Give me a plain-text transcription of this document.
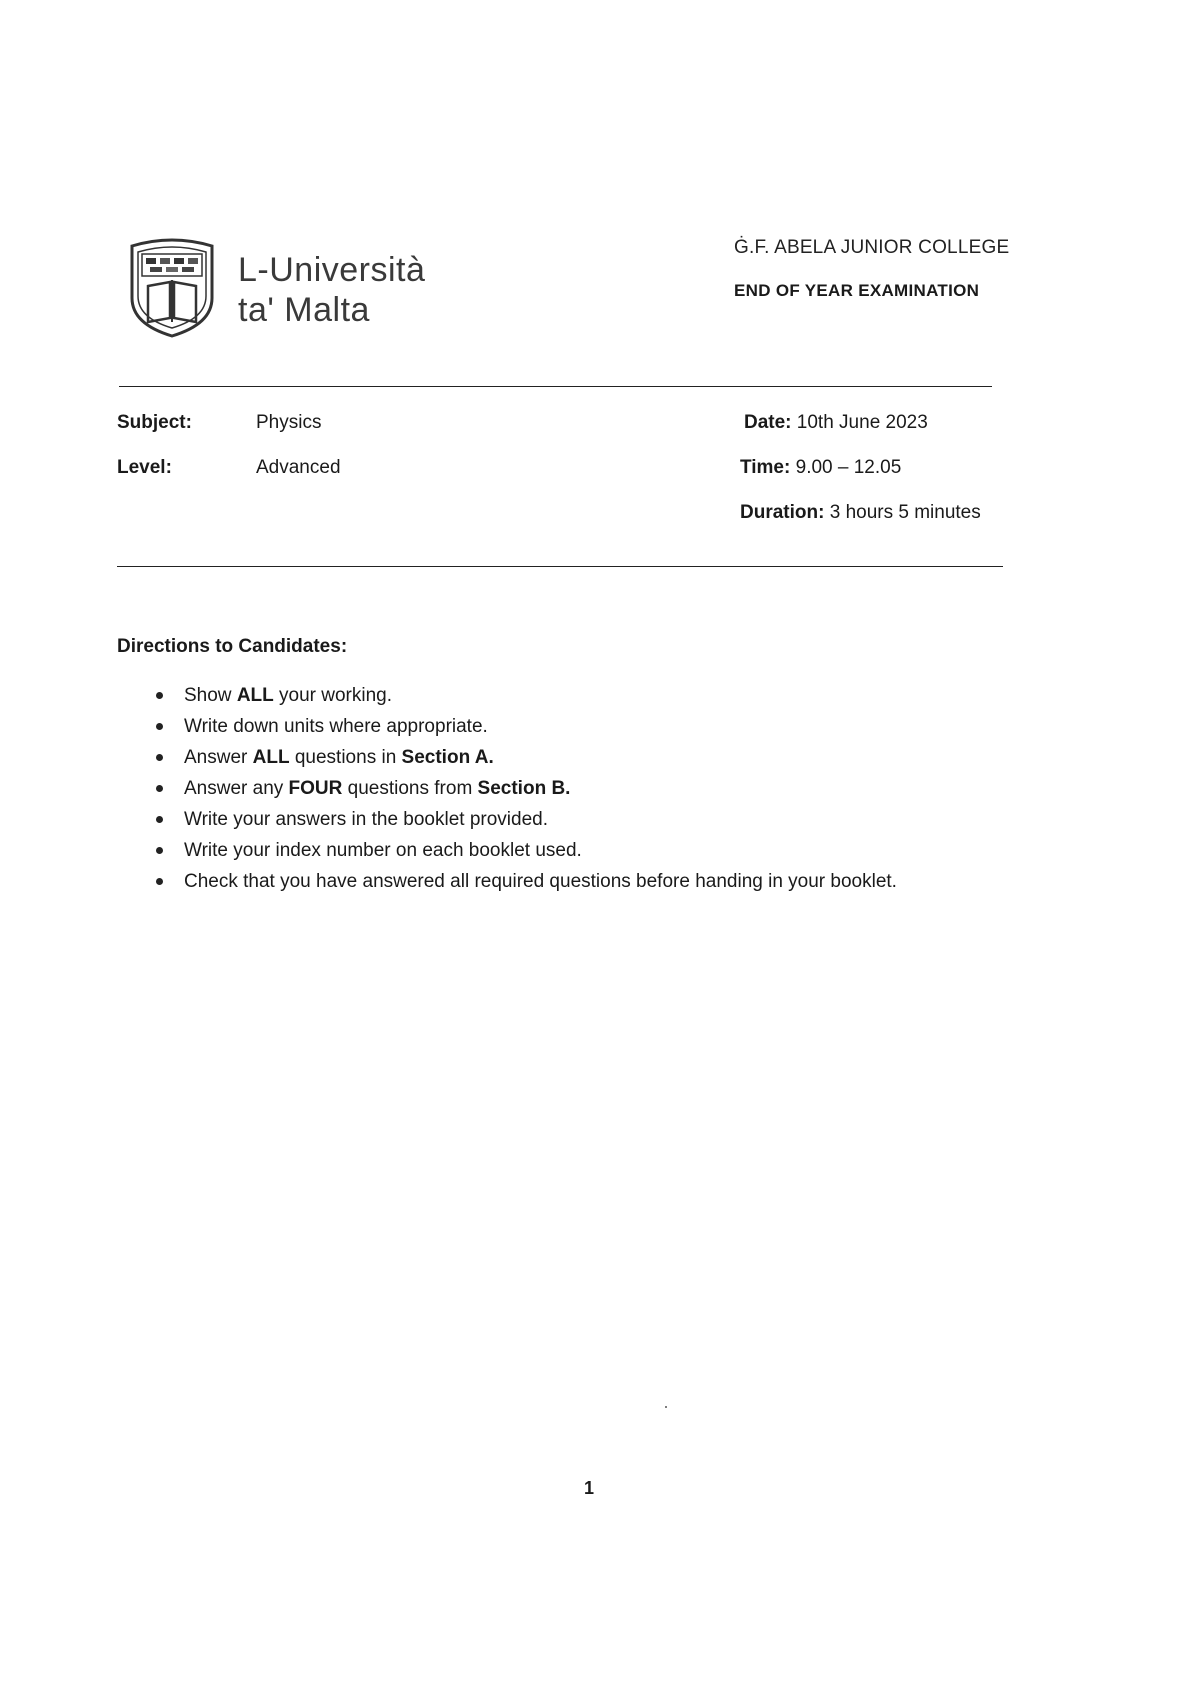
L-Università
ta' Malta
Ġ.F. ABELA JUNIOR COLLEGE
END OF YEAR EXAMINATION
Subject:	Physics
Level:	Advanced
Date: 10th June 2023
Time: 9.00 – 12.05
Duration: 3 hours 5 minutes
Directions to Candidates:
Show ALL your working.
Write down units where appropriate.
Answer ALL questions in Section A.
Answer any FOUR questions from Section B.
Write your answers in the booklet provided.
Write your index number on each booklet used.
Check that you have answered all required questions before handing in your booklet.
1
